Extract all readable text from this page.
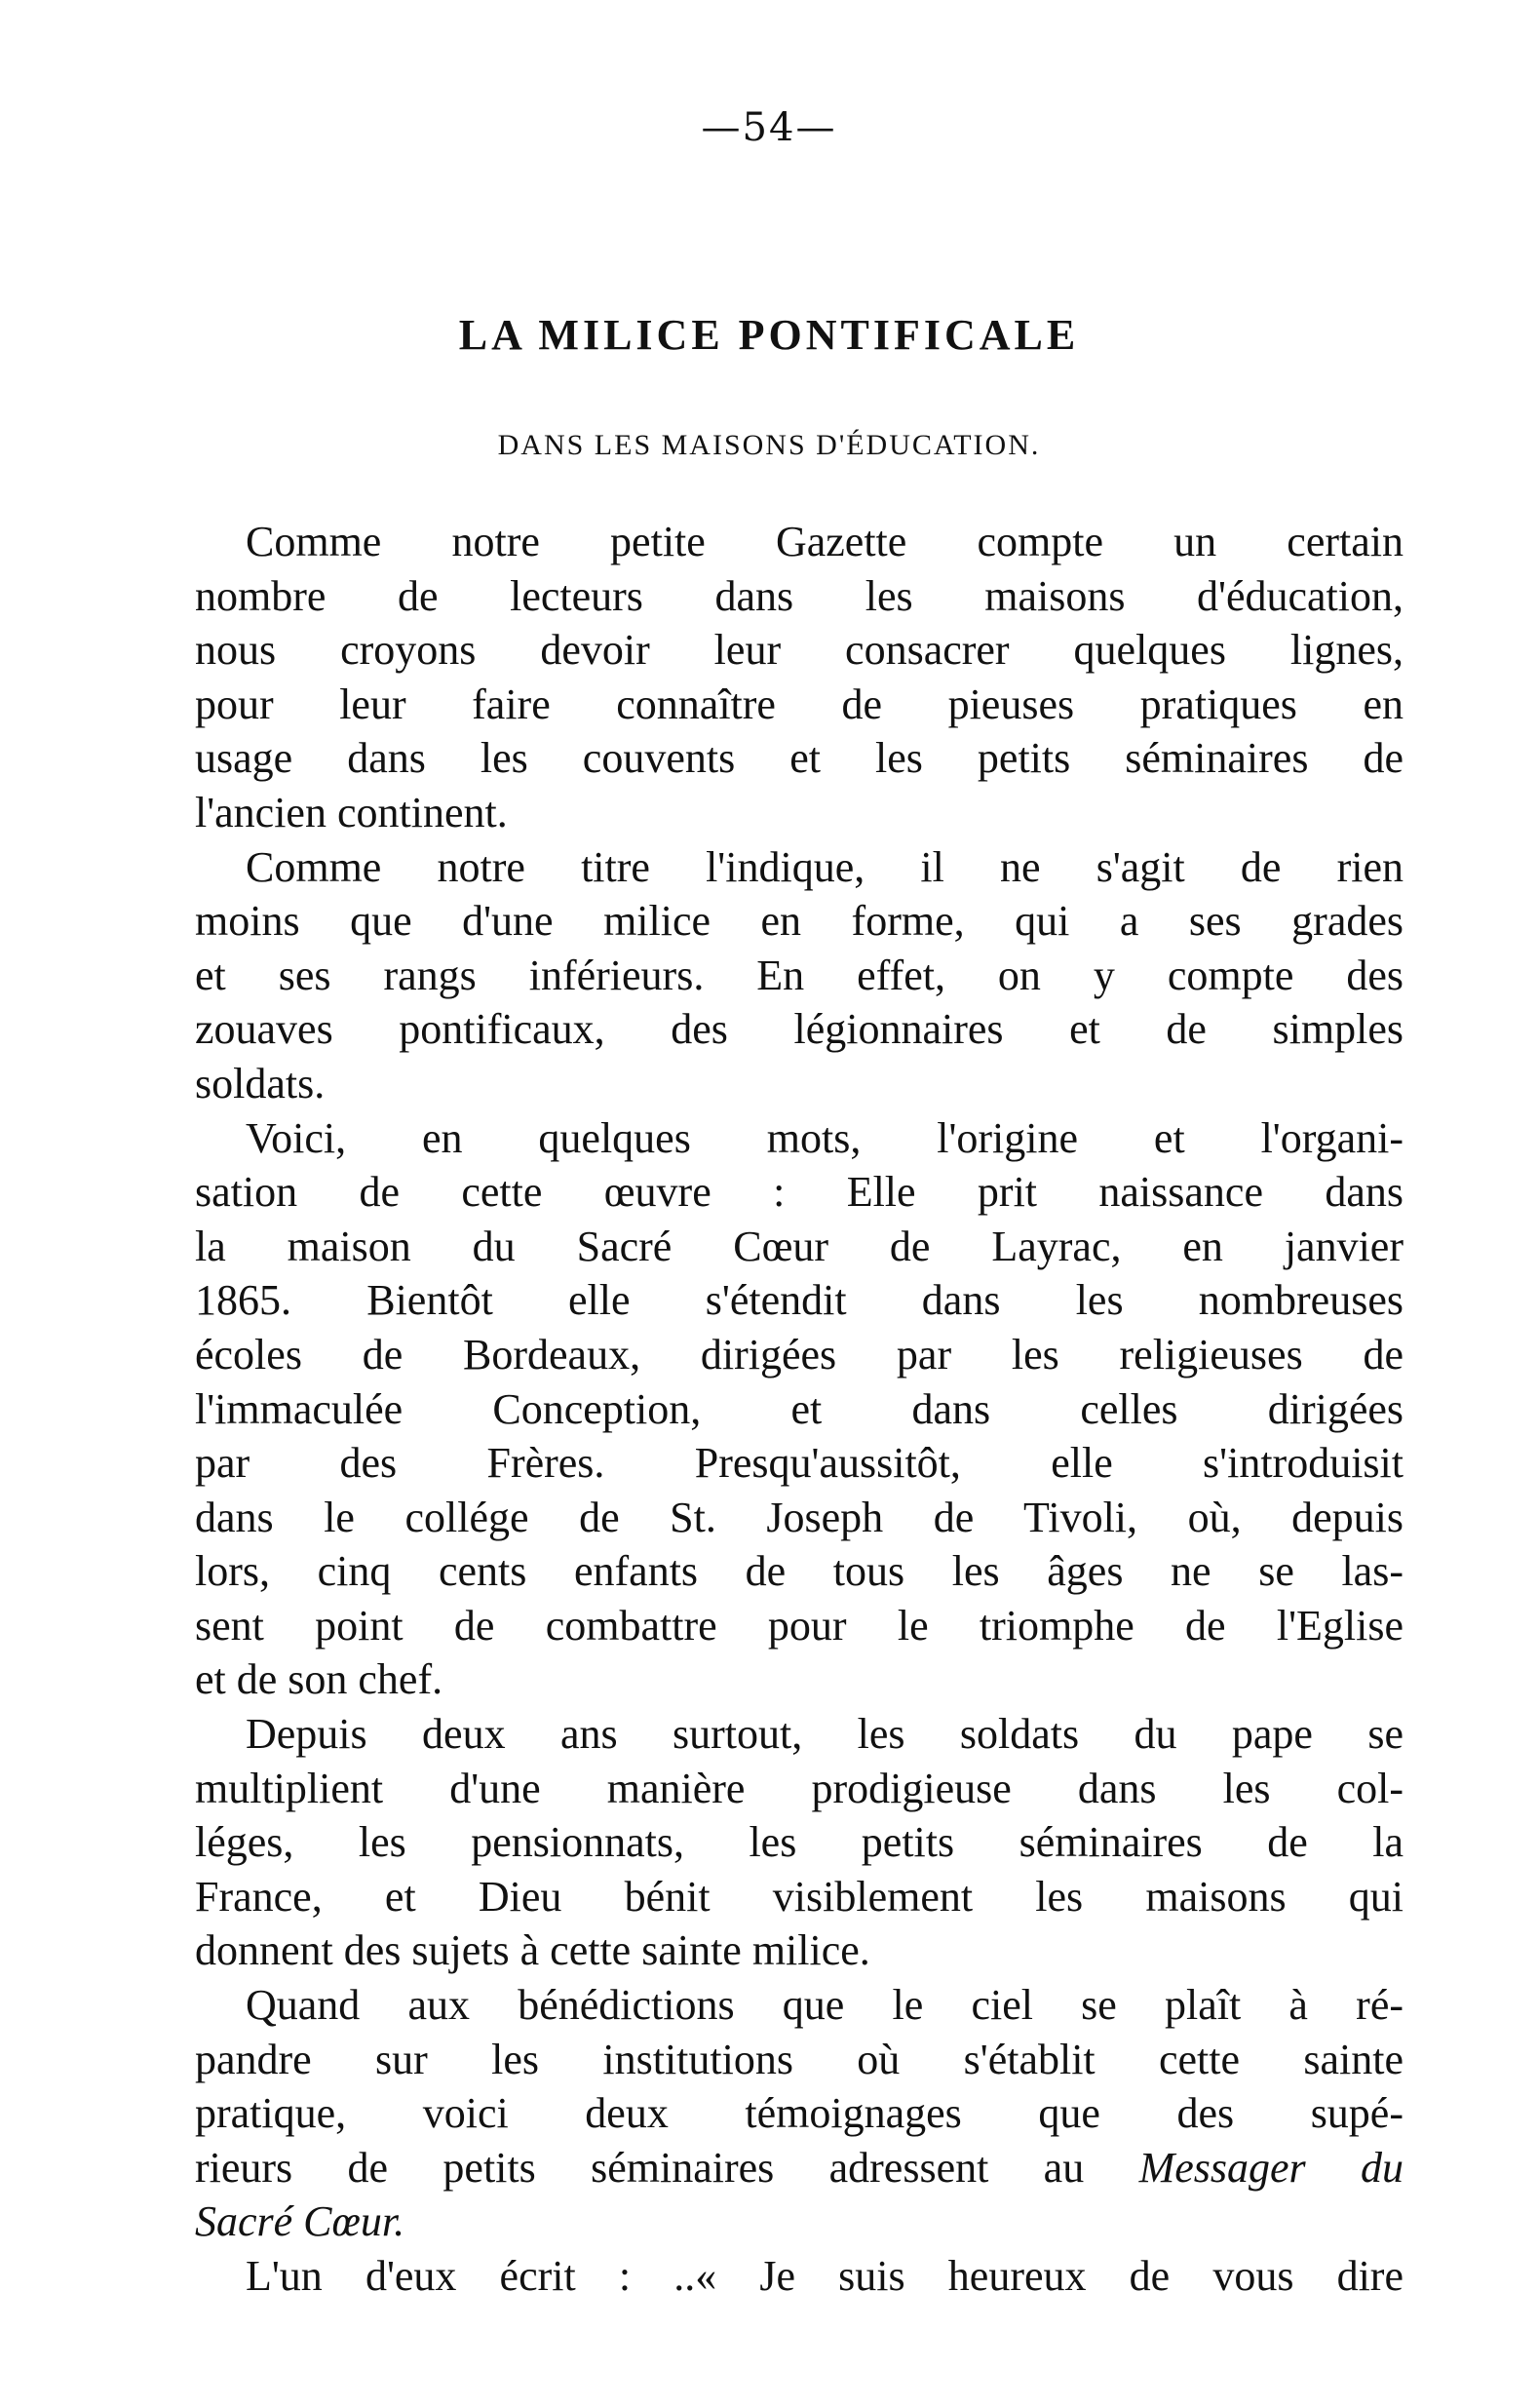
—54—
LA MILICE PONTIFICALE
DANS LES MAISONS D'ÉDUCATION.
Comme notre petite Gazette compte un certain
nombre de lecteurs dans les maisons d'éducation,
nous croyons devoir leur consacrer quelques lignes,
pour leur faire connaître de pieuses pratiques en
usage dans les couvents et les petits séminaires de
l'ancien continent.
Comme notre titre l'indique, il ne s'agit de rien
moins que d'une milice en forme, qui a ses grades
et ses rangs inférieurs. En effet, on y compte des
zouaves pontificaux, des légionnaires et de simples
soldats.
Voici, en quelques mots, l'origine et l'organi-
sation de cette œuvre : Elle prit naissance dans
la maison du Sacré Cœur de Layrac, en janvier
1865. Bientôt elle s'étendit dans les nombreuses
écoles de Bordeaux, dirigées par les religieuses de
l'immaculée Conception, et dans celles dirigées
par des Frères. Presqu'aussitôt, elle s'introduisit
dans le collége de St. Joseph de Tivoli, où, depuis
lors, cinq cents enfants de tous les âges ne se las-
sent point de combattre pour le triomphe de l'Eglise
et de son chef.
Depuis deux ans surtout, les soldats du pape se
multiplient d'une manière prodigieuse dans les col-
léges, les pensionnats, les petits séminaires de la
France, et Dieu bénit visiblement les maisons qui
donnent des sujets à cette sainte milice.
Quand aux bénédictions que le ciel se plaît à ré-
pandre sur les institutions où s'établit cette sainte
pratique, voici deux témoignages que des supé-
rieurs de petits séminaires adressent au Messager du
Sacré Cœur.
L'un d'eux écrit : ..« Je suis heureux de vous dire
